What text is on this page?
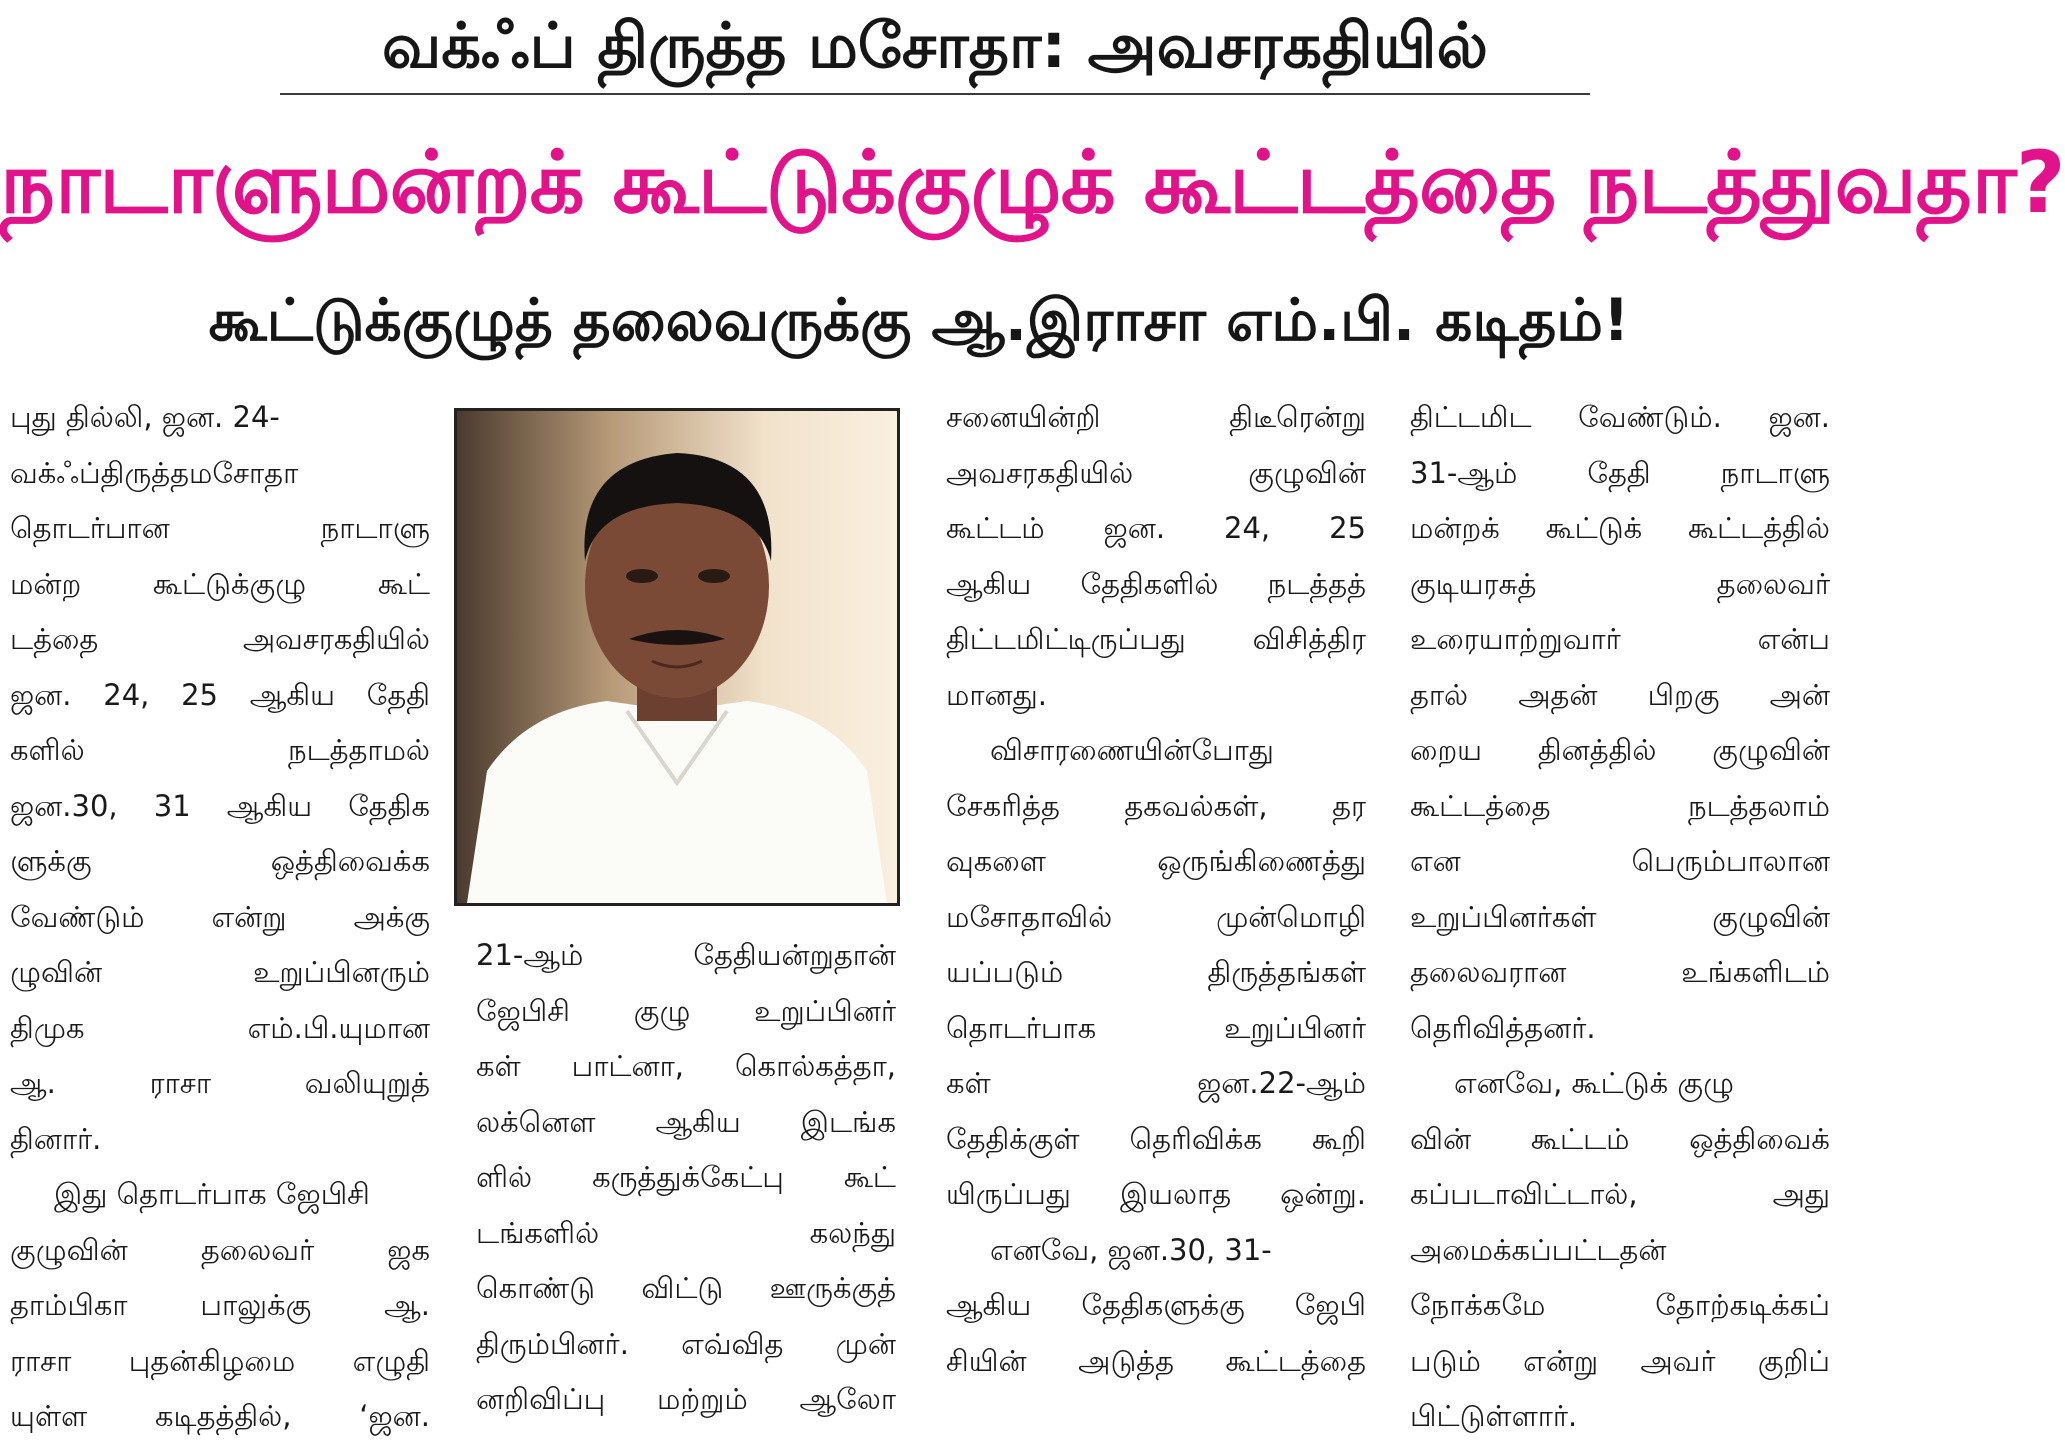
வக்ஃப் திருத்த மசோதா: அவசரகதியில்
நாடாளுமன்றக் கூட்டுக்குழுக் கூட்டத்தை நடத்துவதா?
கூட்டுக்குழுத் தலைவருக்கு ஆ.இராசா எம்.பி. கடிதம்!
புது தில்லி, ஜன. 24-
வக்ஃப்திருத்தமசோதா
தொடர்பான நாடாளு
மன்ற கூட்டுக்குழு கூட்
டத்தை அவசரகதியில்
ஜன. 24, 25 ஆகிய தேதி
களில் நடத்தாமல்
ஜன.30, 31 ஆகிய தேதிக
ளுக்கு ஒத்திவைக்க
வேண்டும் என்று அக்கு
ழுவின் உறுப்பினரும்
திமுக எம்.பி.யுமான
ஆ. ராசா வலியுறுத்
தினார்.
இது தொடர்பாக ஜேபிசி
குழுவின் தலைவர் ஜக
தாம்பிகா பாலுக்கு ஆ.
ராசா புதன்கிழமை எழுதி
யுள்ள கடிதத்தில், ‘ஜன.
21-ஆம் தேதியன்றுதான்
ஜேபிசி குழு உறுப்பினர்
கள் பாட்னா, கொல்கத்தா,
லக்னௌ ஆகிய இடங்க
ளில் கருத்துக்கேட்பு கூட்
டங்களில் கலந்து
கொண்டு விட்டு ஊருக்குத்
திரும்பினர். எவ்வித முன்
னறிவிப்பு மற்றும் ஆலோ
சனையின்றி திடீரென்று
அவசரகதியில் குழுவின்
கூட்டம் ஜன. 24, 25
ஆகிய தேதிகளில் நடத்தத்
திட்டமிட்டிருப்பது விசித்திர
மானது.
விசாரணையின்போது
சேகரித்த தகவல்கள், தர
வுகளை ஒருங்கிணைத்து
மசோதாவில் முன்மொழி
யப்படும் திருத்தங்கள்
தொடர்பாக உறுப்பினர்
கள் ஜன.22-ஆம்
தேதிக்குள் தெரிவிக்க கூறி
யிருப்பது இயலாத ஒன்று.
எனவே, ஜன.30, 31-
ஆகிய தேதிகளுக்கு ஜேபி
சியின் அடுத்த கூட்டத்தை
திட்டமிட வேண்டும். ஜன.
31-ஆம் தேதி நாடாளு
மன்றக் கூட்டுக் கூட்டத்தில்
குடியரசுத் தலைவர்
உரையாற்றுவார் என்ப
தால் அதன் பிறகு அன்
றைய தினத்தில் குழுவின்
கூட்டத்தை நடத்தலாம்
என பெரும்பாலான
உறுப்பினர்கள் குழுவின்
தலைவரான உங்களிடம்
தெரிவித்தனர்.
எனவே, கூட்டுக் குழு
வின் கூட்டம் ஒத்திவைக்
கப்படாவிட்டால், அது
அமைக்கப்பட்டதன்
நோக்கமே தோற்கடிக்கப்
படும் என்று அவர் குறிப்
பிட்டுள்ளார்.
